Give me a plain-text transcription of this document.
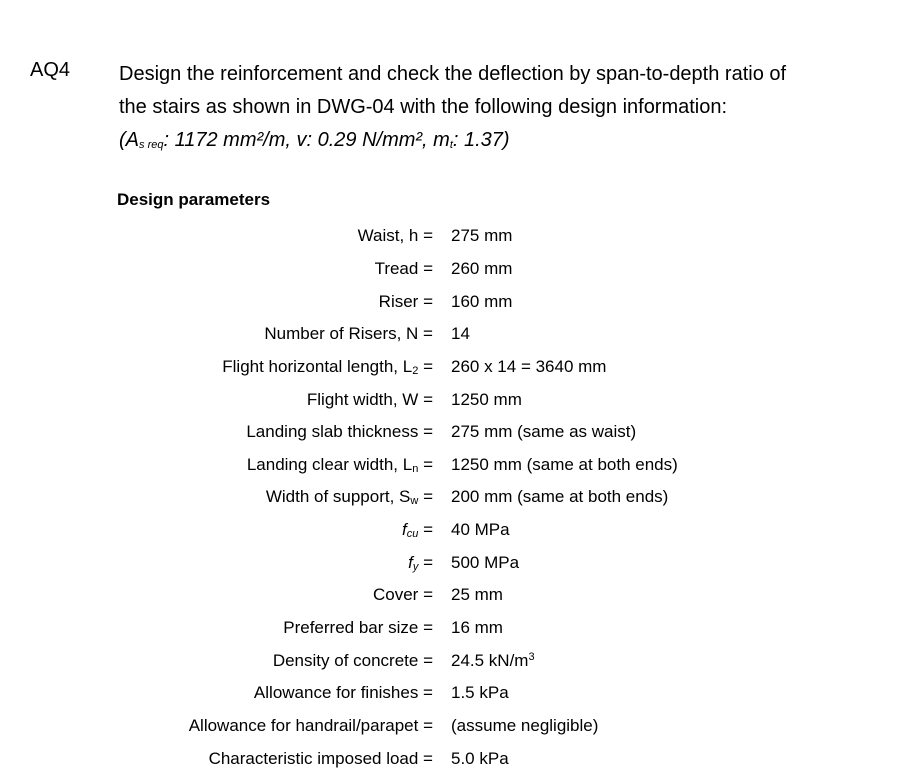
AQ4 Design the reinforcement and check the deflection by span-to-depth ratio of

the stairs as shown in DWG-04 with the following design information:

(As req: 1172 mm²/m, v: 0.29 N/mm², mt: 1.37)

Design parameters
Waist, h =	275 mm
Tread =	260 mm
Riser =	160 mm
Number of Risers, N =	14
Flight horizontal length, L2 =	260 x 14 = 3640 mm
Flight width, W =	1250 mm
Landing slab thickness =	275 mm (same as waist)
Landing clear width, Ln =	1250 mm (same at both ends)
Width of support, Sw =	200 mm (same at both ends)
fcu =	40 MPa
fy =	500 MPa
Cover =	25 mm
Preferred bar size =	16 mm
Density of concrete =	24.5 $kN/m^3$
Allowance for finishes =	1.5 kPa
Allowance for handrail/parapet =	(assume negligible)
Characteristic imposed load =	5.0 kPa
